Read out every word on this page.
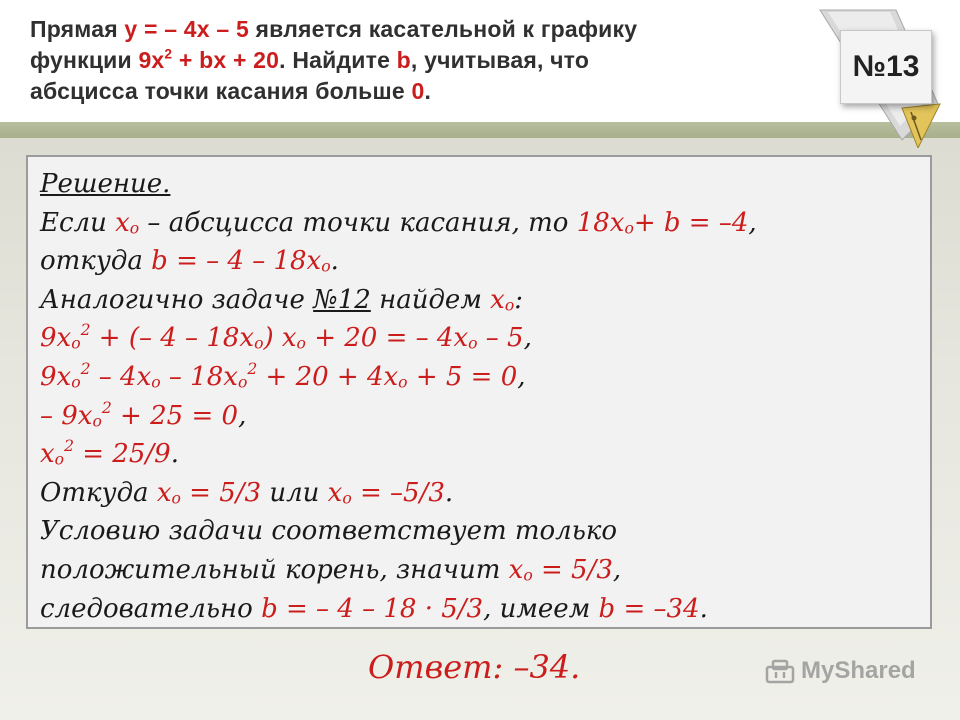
Прямая y = – 4x – 5 является касательной к графику
функции $9x^2$ + bx + 20. Найдите b, учитывая, что
абсцисса точки касания больше 0.
№13
Решение.
Если $x_o$ – абсцисса точки касания, то $18x_o+ b = -4$,
откуда b = – $4 - 18x_o$.
Аналогично задаче №12 найдем $x_o$:
$9x_o^2$ + (– $4 - 18x_o$) $x_o + 20$ = – $4x_o - 5$,
$9x_o^2 - 4x_o - 18x_o^2 + 20 + 4x_o + 5 = 0$,
– $9x_o^2 + 25 = 0$,
$x_o^2 = 25/9$.
Откуда $x_o = 5/3$ или $x_o = -5/3$.
Условию задачи соответствует только
положительный корень, значит $x_o = 5/3$,
следовательно b = – 4 – 18 · 5/3, имеем b = –34.
Ответ: –34.	MyShared
